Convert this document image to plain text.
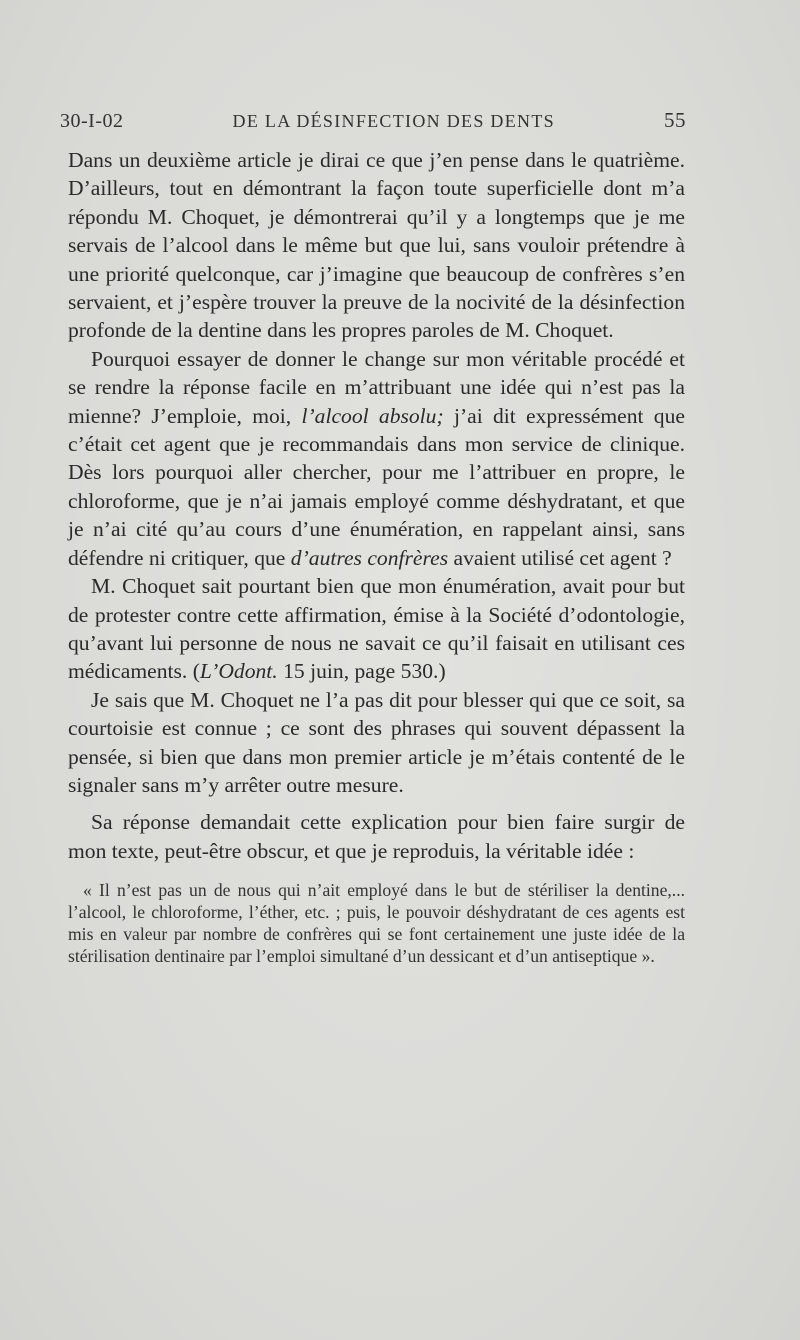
30-I-02	DE LA DÉSINFECTION DES DENTS	55

Dans un deuxième article je dirai ce que j’en pense dans le quatrième. D’ailleurs, tout en démontrant la façon toute superficielle dont m’a répondu M. Choquet, je démontrerai qu’il y a longtemps que je me servais de l’alcool dans le même but que lui, sans vouloir prétendre à une priorité quelconque, car j’imagine que beaucoup de confrères s’en servaient, et j’espère trouver la preuve de la nocivité de la désinfection profonde de la dentine dans les propres paroles de M. Choquet.

Pourquoi essayer de donner le change sur mon véritable procédé et se rendre la réponse facile en m’attribuant une idée qui n’est pas la mienne? J’emploie, moi, l’alcool absolu; j’ai dit expressément que c’était cet agent que je recommandais dans mon service de clinique. Dès lors pourquoi aller chercher, pour me l’attribuer en propre, le chloroforme, que je n’ai jamais employé comme déshydratant, et que je n’ai cité qu’au cours d’une énumération, en rappelant ainsi, sans défendre ni critiquer, que d’autres confrères avaient utilisé cet agent ?

M. Choquet sait pourtant bien que mon énumération, avait pour but de protester contre cette affirmation, émise à la Société d’odontologie, qu’avant lui personne de nous ne savait ce qu’il faisait en utilisant ces médicaments. (L’Odont. 15 juin, page 530.)

Je sais que M. Choquet ne l’a pas dit pour blesser qui que ce soit, sa courtoisie est connue ; ce sont des phrases qui souvent dépassent la pensée, si bien que dans mon premier article je m’étais contenté de le signaler sans m’y arrêter outre mesure.

Sa réponse demandait cette explication pour bien faire surgir de mon texte, peut-être obscur, et que je reproduis, la véritable idée :

« Il n’est pas un de nous qui n’ait employé dans le but de stériliser la dentine,... l’alcool, le chloroforme, l’éther, etc. ; puis, le pouvoir déshydratant de ces agents est mis en valeur par nombre de confrères qui se font certainement une juste idée de la stérilisation dentinaire par l’emploi simultané d’un dessicant et d’un antiseptique ».
